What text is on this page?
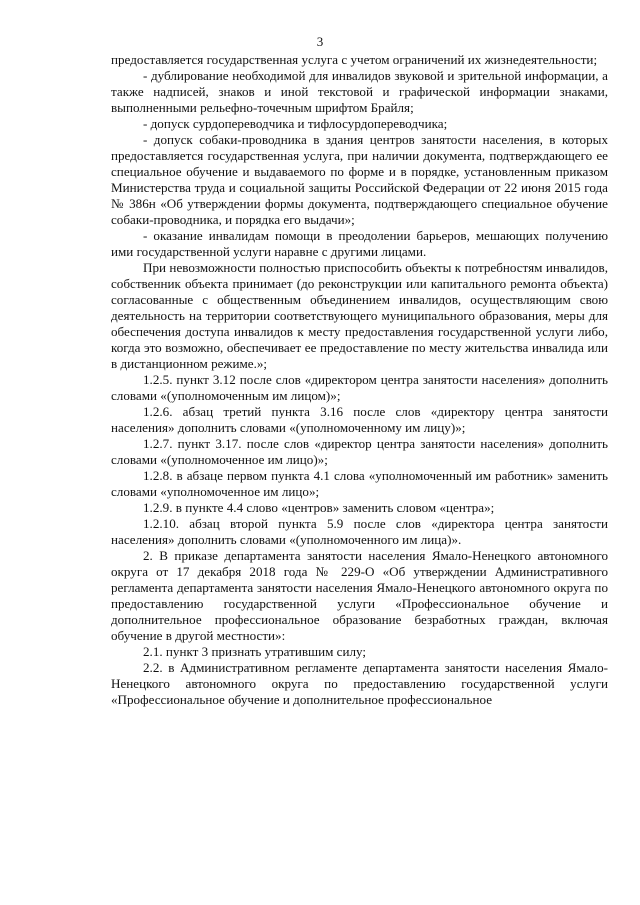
3

предоставляется государственная услуга с учетом ограничений их жизнедеятельности;

- дублирование необходимой для инвалидов звуковой и зрительной информации, а также надписей, знаков и иной текстовой и графической информации знаками, выполненными рельефно-точечным шрифтом Брайля;

- допуск сурдопереводчика и тифлосурдопереводчика;

- допуск собаки-проводника в здания центров занятости населения, в которых предоставляется государственная услуга, при наличии документа, подтверждающего ее специальное обучение и выдаваемого по форме и в порядке, установленным приказом Министерства труда и социальной защиты Российской Федерации от 22 июня 2015 года № 386н «Об утверждении формы документа, подтверждающего специальное обучение собаки-проводника, и порядка его выдачи»;

- оказание инвалидам помощи в преодолении барьеров, мешающих получению ими государственной услуги наравне с другими лицами.

При невозможности полностью приспособить объекты к потребностям инвалидов, собственник объекта принимает (до реконструкции или капитального ремонта объекта) согласованные с общественным объединением инвалидов, осуществляющим свою деятельность на территории соответствующего муниципального образования, меры для обеспечения доступа инвалидов к месту предоставления государственной услуги либо, когда это возможно, обеспечивает ее предоставление по месту жительства инвалида или в дистанционном режиме.»;

1.2.5. пункт 3.12 после слов «директором центра занятости населения» дополнить словами «(уполномоченным им лицом)»;

1.2.6. абзац третий пункта 3.16 после слов «директору центра занятости населения» дополнить словами «(уполномоченному им лицу)»;

1.2.7. пункт 3.17. после слов «директор центра занятости населения» дополнить словами «(уполномоченное им лицо)»;

1.2.8. в абзаце первом пункта 4.1 слова «уполномоченный им работник» заменить словами «уполномоченное им лицо»;

1.2.9. в пункте 4.4 слово «центров» заменить словом «центра»;

1.2.10. абзац второй пункта 5.9 после слов «директора центра занятости населения» дополнить словами «(уполномоченного им лица)».

2. В приказе департамента занятости населения Ямало-Ненецкого автономного округа от 17 декабря 2018 года № 229-О «Об утверждении Административного регламента департамента занятости населения Ямало-Ненецкого автономного округа по предоставлению государственной услуги «Профессиональное обучение и дополнительное профессиональное образование безработных граждан, включая обучение в другой местности»:

2.1. пункт 3 признать утратившим силу;

2.2. в Административном регламенте департамента занятости населения Ямало-Ненецкого автономного округа по предоставлению государственной услуги «Профессиональное обучение и дополнительное профессиональное
